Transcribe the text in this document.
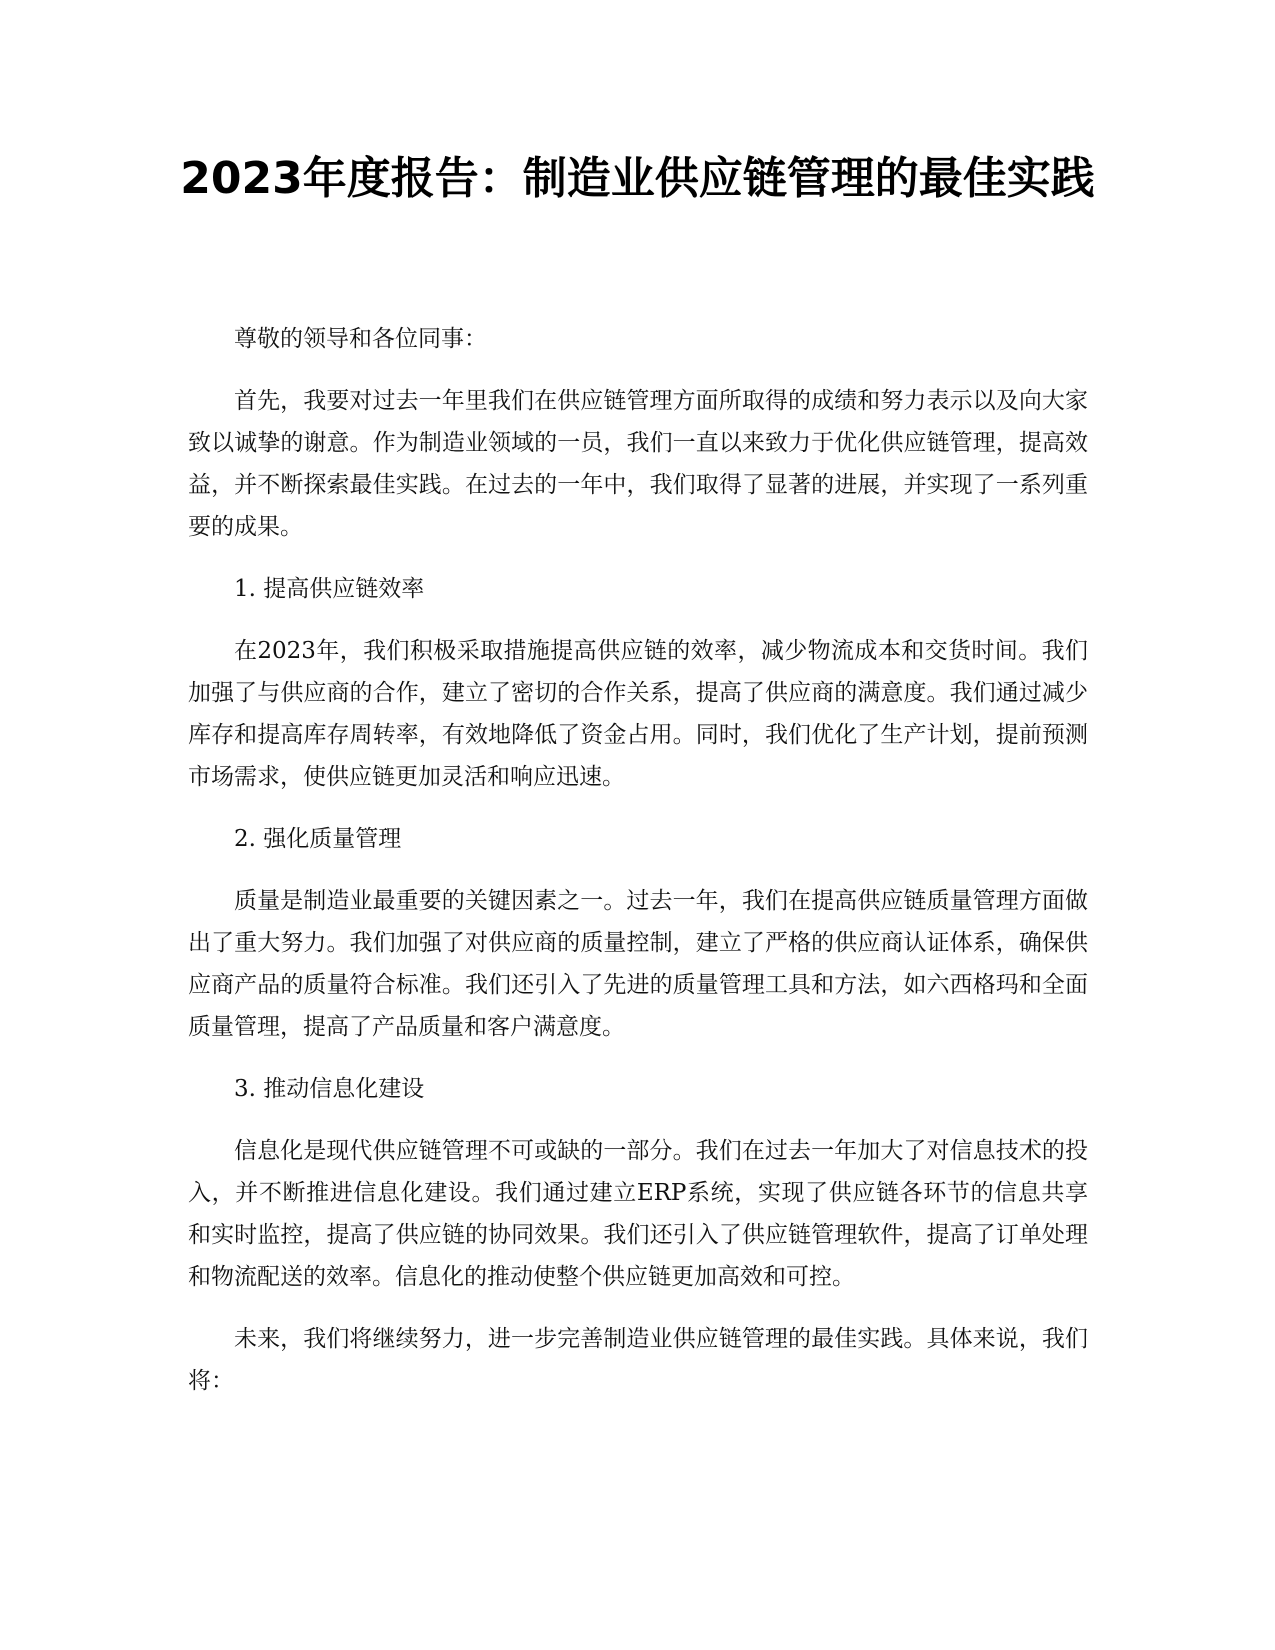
2023年度报告：制造业供应链管理的最佳实践

尊敬的领导和各位同事：

首先，我要对过去一年里我们在供应链管理方面所取得的成绩和努力表示以及向大家致以诚挚的谢意。作为制造业领域的一员，我们一直以来致力于优化供应链管理，提高效益，并不断探索最佳实践。在过去的一年中，我们取得了显著的进展，并实现了一系列重要的成果。

1. 提高供应链效率

在2023年，我们积极采取措施提高供应链的效率，减少物流成本和交货时间。我们加强了与供应商的合作，建立了密切的合作关系，提高了供应商的满意度。我们通过减少库存和提高库存周转率，有效地降低了资金占用。同时，我们优化了生产计划，提前预测市场需求，使供应链更加灵活和响应迅速。

2. 强化质量管理

质量是制造业最重要的关键因素之一。过去一年，我们在提高供应链质量管理方面做出了重大努力。我们加强了对供应商的质量控制，建立了严格的供应商认证体系，确保供应商产品的质量符合标准。我们还引入了先进的质量管理工具和方法，如六西格玛和全面质量管理，提高了产品质量和客户满意度。

3. 推动信息化建设

信息化是现代供应链管理不可或缺的一部分。我们在过去一年加大了对信息技术的投入，并不断推进信息化建设。我们通过建立ERP系统，实现了供应链各环节的信息共享和实时监控，提高了供应链的协同效果。我们还引入了供应链管理软件，提高了订单处理和物流配送的效率。信息化的推动使整个供应链更加高效和可控。

未来，我们将继续努力，进一步完善制造业供应链管理的最佳实践。具体来说，我们将：
